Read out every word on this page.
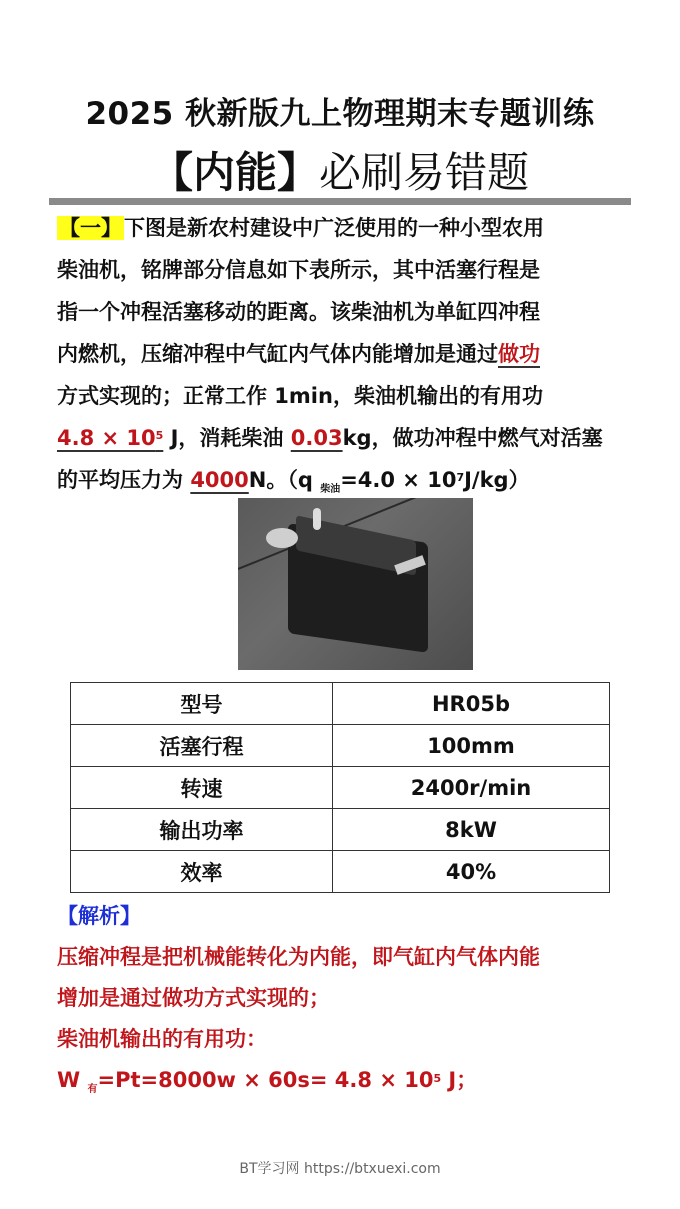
2025 秋新版九上物理期末专题训练
【内能】必刷易错题
【一】下图是新农村建设中广泛使用的一种小型农用
柴油机，铭牌部分信息如下表所示，其中活塞行程是
指一个冲程活塞移动的距离。该柴油机为单缸四冲程
内燃机，压缩冲程中气缸内气体内能增加是通过做功
方式实现的；正常工作 1min，柴油机输出的有用功
$4.8 \times 10^5$ J，消耗柴油 0.03kg，做功冲程中燃气对活塞
的平均压力为 4000N。（q $_{柴油}=4.0 \times 10^7J/kg$）
型号	HR05b
活塞行程	100mm
转速	2400r/min
输出功率	8kW
效率	40%
【解析】
压缩冲程是把机械能转化为内能，即气缸内气体内能
增加是通过做功方式实现的；
柴油机输出的有用功：
W $_有=Pt=8000w \times 60s= 4.8 \times 10^5$ J；
BT学习网 https://btxuexi.com
